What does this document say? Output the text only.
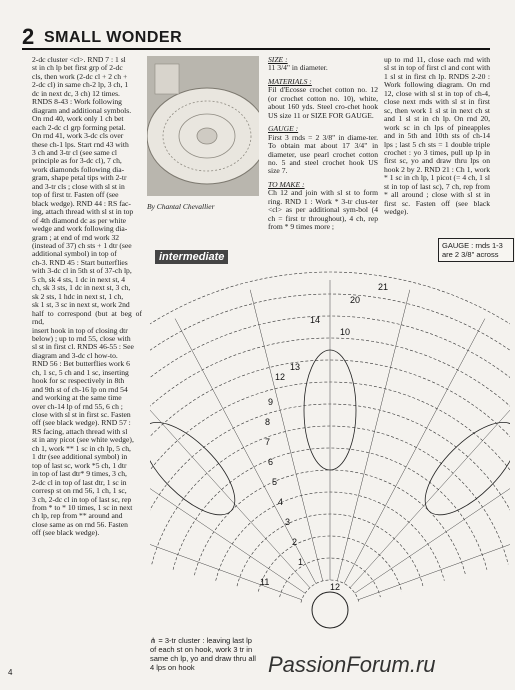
2 SMALL WONDER
2-dc cluster <cl>. RND 7 : 1 sl
st in ch lp bet first grp of 2-dc
cls, then work (2-dc cl + 2 ch +
2-dc cl) in same ch-2 lp, 3 ch, 1
dc in next dc, 3 ch) 12 times.
RNDS 8-43 : Work following
diagram and additional symbols.
On rnd 40, work only 1 ch bet
each 2-dc cl grp forming petal.
On rnd 41, work 3-dc cls over
these ch-1 lps. Start rnd 43 with
3 ch and 3-tr cl (see same cl
principle as for 3-dc cl), 7 ch,
work diamonds following dia-
gram, shape petal tips with 2-tr
and 3-tr cls ; close with sl st in
top of first tr. Fasten off (see
black wedge). RND 44 : RS fac-
ing, attach thread with sl st in top
of 4th diamond dc as per white
wedge and work following dia-
gram ; at end of rnd work 32
(instead of 37) ch sts + 1 dtr (see
additional symbol) in top of
ch-3. RND 45 : Start butterflies
with 3-dc cl in 5th st of 37-ch lp,
5 ch, sk 4 sts, 1 dc in next st, 4
ch, sk 3 sts, 1 dc in next st, 3 ch,
sk 2 sts, 1 hdc in next st, 1 ch,
sk 1 st, 3 sc in next st, work 2nd
half to correspond (but at beg of rnd,
insert hook in top of closing dtr
below) ; up to rnd 55, close with
sl st in first cl. RNDS 46-55 : See
diagram and 3-dc cl how-to.
RND 56 : Bet butterflies work 6
ch, 1 sc, 5 ch and 1 sc, inserting
hook for sc respectively in 8th
and 9th st of ch-16 lp on rnd 54
and working at the same time
over ch-14 lp of rnd 55, 6 ch ;
close with sl st in first sc. Fasten
off (see black wedge). RND 57 :
RS facing, attach thread with sl
st in any picot (see white wedge),
ch 1, work ** 1 sc in ch lp, 5 ch,
1 dtr (see additional symbol) in
top of last sc, work *5 ch, 1 dtr
in top of last dtr* 9 times, 3 ch,
2-dc cl in top of last dtr, 1 sc in
corresp st on rnd 56, 1 ch, 1 sc,
3 ch, 2-dc cl in top of last sc, rep
from * to * 10 times, 1 sc in next
ch lp, rep from ** around and
close same as on rnd 56. Fasten
off (see black wedge).
By Chantal Chevallier
intermediate

SIZE :
11 3/4" in diameter.

MATERIALS :
Fil d'Ecosse crochet cotton no. 12 (or crochet cotton no. 10), white, about 160 yds. Steel cro-chet hook US size 11 or SIZE FOR GAUGE.

GAUGE :
First 3 rnds = 2 3/8" in diame-ter. To obtain mat about 17 3/4" in diameter, use pearl crochet cotton no. 5 and steel crochet hook US size 7.

TO MAKE :
Ch 12 and join with sl st to form ring. RND 1 : Work * 3-tr clus-ter <cl> as per additional sym-bol (4 ch = first tr throughout), 4 ch, rep from * 9 times more ;

up to rnd 11, close each rnd with sl st in top of first cl and cont with 1 sl st in first ch lp. RNDS 2-20 : Work following diagram. On rnd 12, close with sl st in top of ch-4, close next rnds with sl st in first sc, then work 1 sl st in next ch st and 1 sl st in ch lp. On rnd 20, work sc in ch lps of pineapples and in 5th and 10th sts of ch-14 lps ; last 5 ch sts = 1 double triple crochet : yo 3 times, pull up lp in first sc, yo and draw thru lps on hook 2 by 2. RND 21 : Ch 1, work * 1 sc in ch lp, 1 picot (= 4 ch, 1 sl st in top of last sc), 7 ch, rep from * all around ; close with sl st in first sc. Fasten off (see black wedge).

GAUGE : rnds 1-3 are 2 3/8" across
21
20
10
14
13
12
9
8
7
6
5
4
3
2
1
12
11
⋔ = 3-tr cluster : leaving last lp of each st on hook, work 3 tr in same ch lp, yo and draw thru all 4 lps on hook
4	PassionForum.ru
